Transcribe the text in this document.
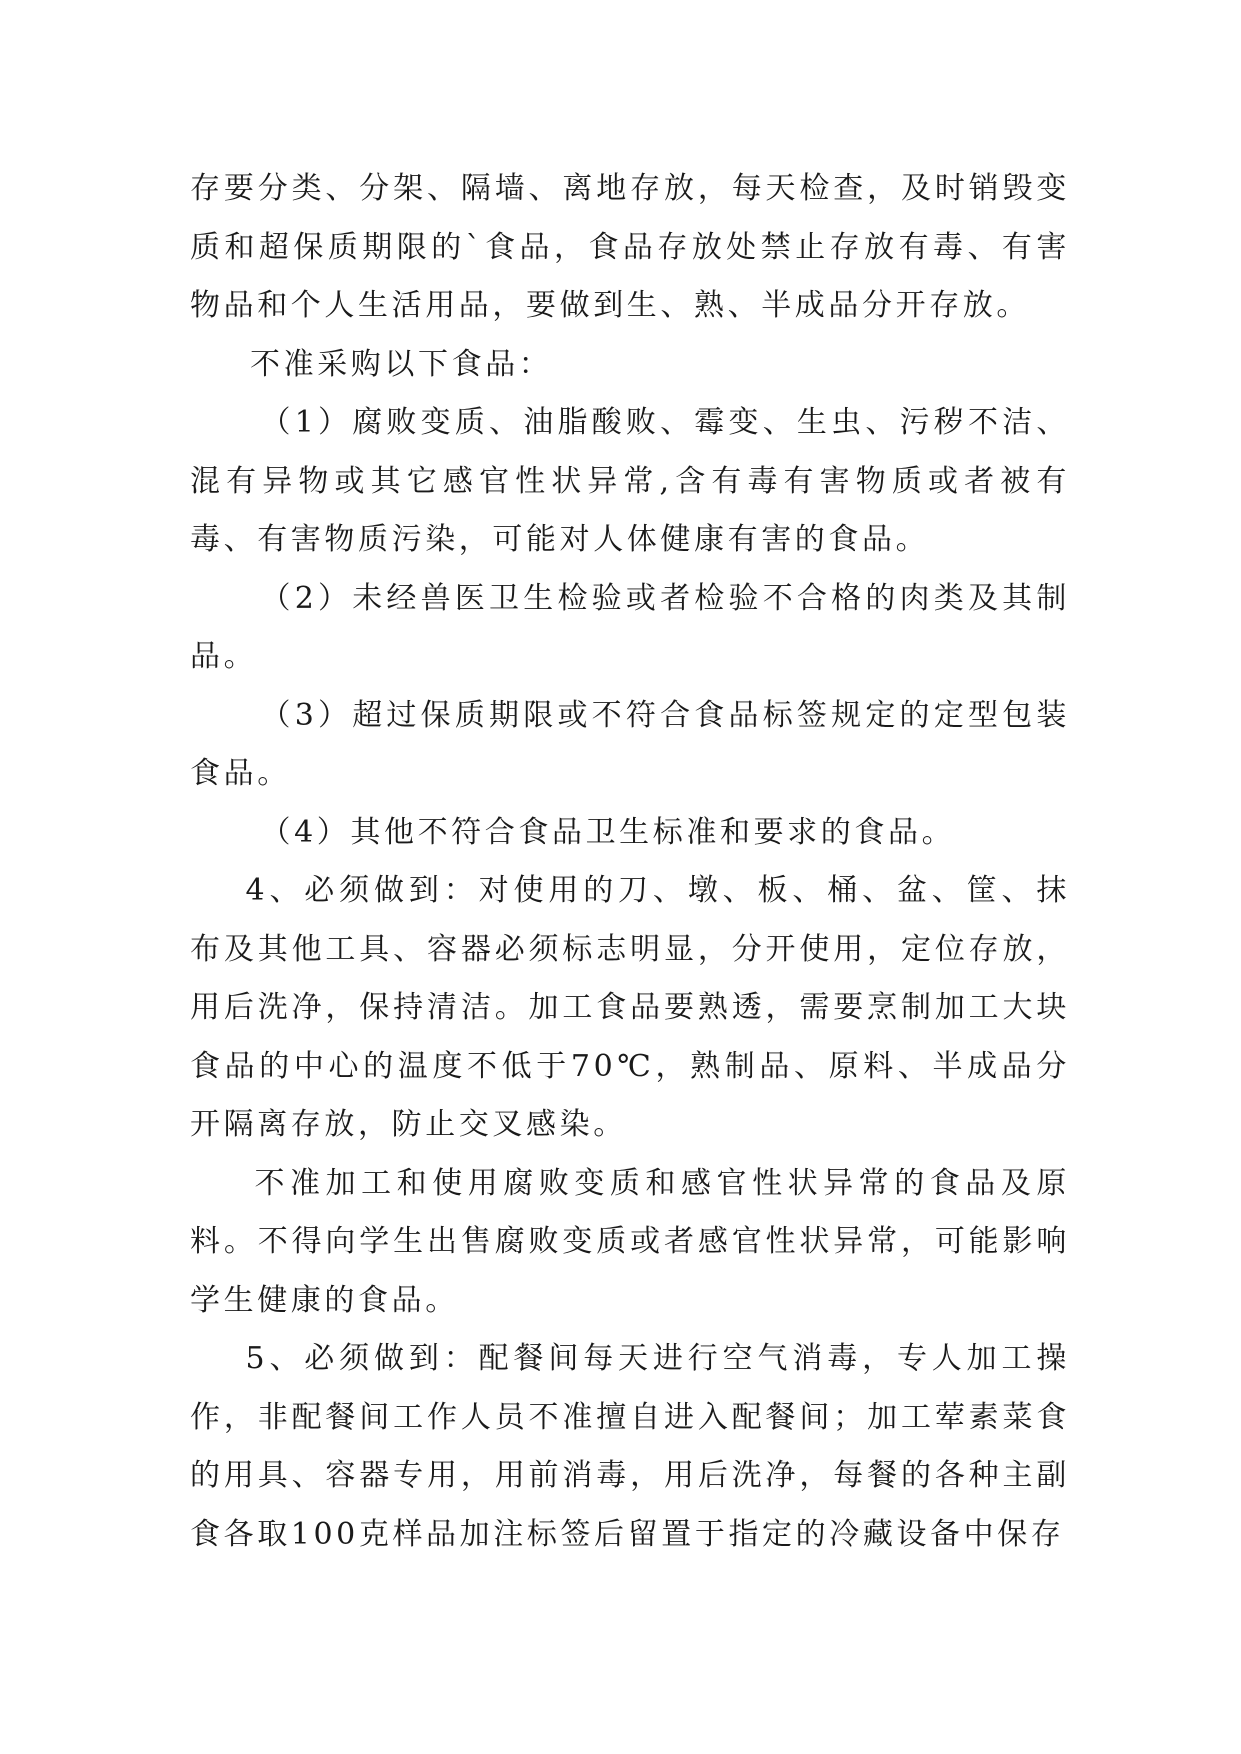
存要分类、分架、隔墙、离地存放，每天检查，及时销毁变质和超保质期限的`食品，食品存放处禁止存放有毒、有害物品和个人生活用品，要做到生、熟、半成品分开存放。

不准采购以下食品：

（1）腐败变质、油脂酸败、霉变、生虫、污秽不洁、混有异物或其它感官性状异常,含有毒有害物质或者被有毒、有害物质污染，可能对人体健康有害的食品。

（2）未经兽医卫生检验或者检验不合格的肉类及其制品。

（3）超过保质期限或不符合食品标签规定的定型包装食品。

（4）其他不符合食品卫生标准和要求的食品。

4、必须做到：对使用的刀、墩、板、桶、盆、筐、抹布及其他工具、容器必须标志明显，分开使用，定位存放，用后洗净，保持清洁。加工食品要熟透，需要烹制加工大块食品的中心的温度不低于70℃，熟制品、原料、半成品分开隔离存放，防止交叉感染。

不准加工和使用腐败变质和感官性状异常的食品及原料。不得向学生出售腐败变质或者感官性状异常，可能影响学生健康的食品。

5、必须做到：配餐间每天进行空气消毒，专人加工操作，非配餐间工作人员不准擅自进入配餐间；加工荤素菜食的用具、容器专用，用前消毒，用后洗净，每餐的各种主副食各取100克样品加注标签后留置于指定的冷藏设备中保存
